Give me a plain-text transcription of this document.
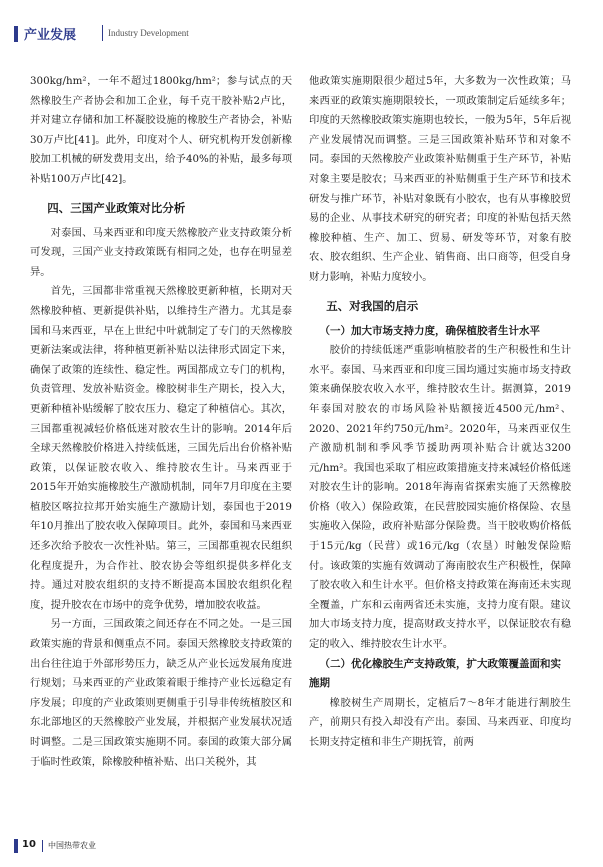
产业发展	Industry Development

300kg/hm²，一年不超过1800kg/hm²；参与试点的天然橡胶生产者协会和加工企业，每千克干胶补贴2卢比，并对建立存储和加工杯凝胶设施的橡胶生产者协会，补贴30万卢比[41]。此外，印度对个人、研究机构开发创新橡胶加工机械的研发费用支出，给予40%的补贴，最多每项补贴100万卢比[42]。

四、三国产业政策对比分析

对泰国、马来西亚和印度天然橡胶产业支持政策分析可发现，三国产业支持政策既有相同之处，也存在明显差异。

首先，三国都非常重视天然橡胶更新种植，长期对天然橡胶种植、更新提供补贴，以维持生产潜力。尤其是泰国和马来西亚，早在上世纪中叶就制定了专门的天然橡胶更新法案或法律，将种植更新补贴以法律形式固定下来，确保了政策的连续性、稳定性。两国都成立专门的机构，负责管理、发放补贴资金。橡胶树非生产期长，投入大，更新种植补贴缓解了胶农压力、稳定了种植信心。其次，三国都重视减轻价格低迷对胶农生计的影响。2014年后全球天然橡胶价格进入持续低迷，三国先后出台价格补贴政策，以保证胶农收入、维持胶农生计。马来西亚于2015年开始实施橡胶生产激励机制，同年7月印度在主要植胶区喀拉拉邦开始实施生产激励计划，泰国也于2019年10月推出了胶农收入保障项目。此外，泰国和马来西亚还多次给予胶农一次性补贴。第三，三国都重视农民组织化程度提升，为合作社、胶农协会等组织提供多样化支持。通过对胶农组织的支持不断提高本国胶农组织化程度，提升胶农在市场中的竞争优势，增加胶农收益。

另一方面，三国政策之间还存在不同之处。一是三国政策实施的背景和侧重点不同。泰国天然橡胶支持政策的出台往往迫于外部形势压力，缺乏从产业长远发展角度进行规划；马来西亚的产业政策着眼于维持产业长远稳定有序发展；印度的产业政策则更侧重于引导非传统植胶区和东北部地区的天然橡胶产业发展，并根据产业发展状况适时调整。二是三国政策实施期不同。泰国的政策大部分属于临时性政策，除橡胶种植补贴、出口关税外，其

他政策实施期限很少超过5年，大多数为一次性政策；马来西亚的政策实施期限较长，一项政策制定后延续多年；印度的天然橡胶政策实施期也较长，一般为5年，5年后视产业发展情况而调整。三是三国政策补贴环节和对象不同。泰国的天然橡胶产业政策补贴侧重于生产环节，补贴对象主要是胶农；马来西亚的补贴侧重于生产环节和技术研发与推广环节，补贴对象既有小胶农，也有从事橡胶贸易的企业、从事技术研究的研究者；印度的补贴包括天然橡胶种植、生产、加工、贸易、研发等环节，对象有胶农、胶农组织、生产企业、销售商、出口商等，但受自身财力影响，补贴力度较小。

五、对我国的启示
（一）加大市场支持力度，确保植胶者生计水平

胶价的持续低迷严重影响植胶者的生产积极性和生计水平。泰国、马来西亚和印度三国均通过实施市场支持政策来确保胶农收入水平，维持胶农生计。据测算，2019年泰国对胶农的市场风险补贴额接近4500元/hm²、2020、2021年约750元/hm²。2020年，马来西亚仅生产激励机制和季风季节援助两项补贴合计就达3200元/hm²。我国也采取了相应政策措施支持来减轻价格低迷对胶农生计的影响。2018年海南省探索实施了天然橡胶价格（收入）保险政策，在民营胶园实施价格保险、农垦实施收入保险，政府补贴部分保险费。当干胶收购价格低于15元/kg（民营）或16元/kg（农垦）时触发保险赔付。该政策的实施有效调动了海南胶农生产积极性，保障了胶农收入和生计水平。但价格支持政策在海南还未实现全覆盖，广东和云南两省还未实施，支持力度有限。建议加大市场支持力度，提高财政支持水平，以保证胶农有稳定的收入、维持胶农生计水平。

（二）优化橡胶生产支持政策，扩大政策覆盖面和实施期

橡胶树生产周期长，定植后7～8年才能进行割胶生产，前期只有投入却没有产出。泰国、马来西亚、印度均长期支持定植和非生产期抚管，前两

10 中国热带农业
